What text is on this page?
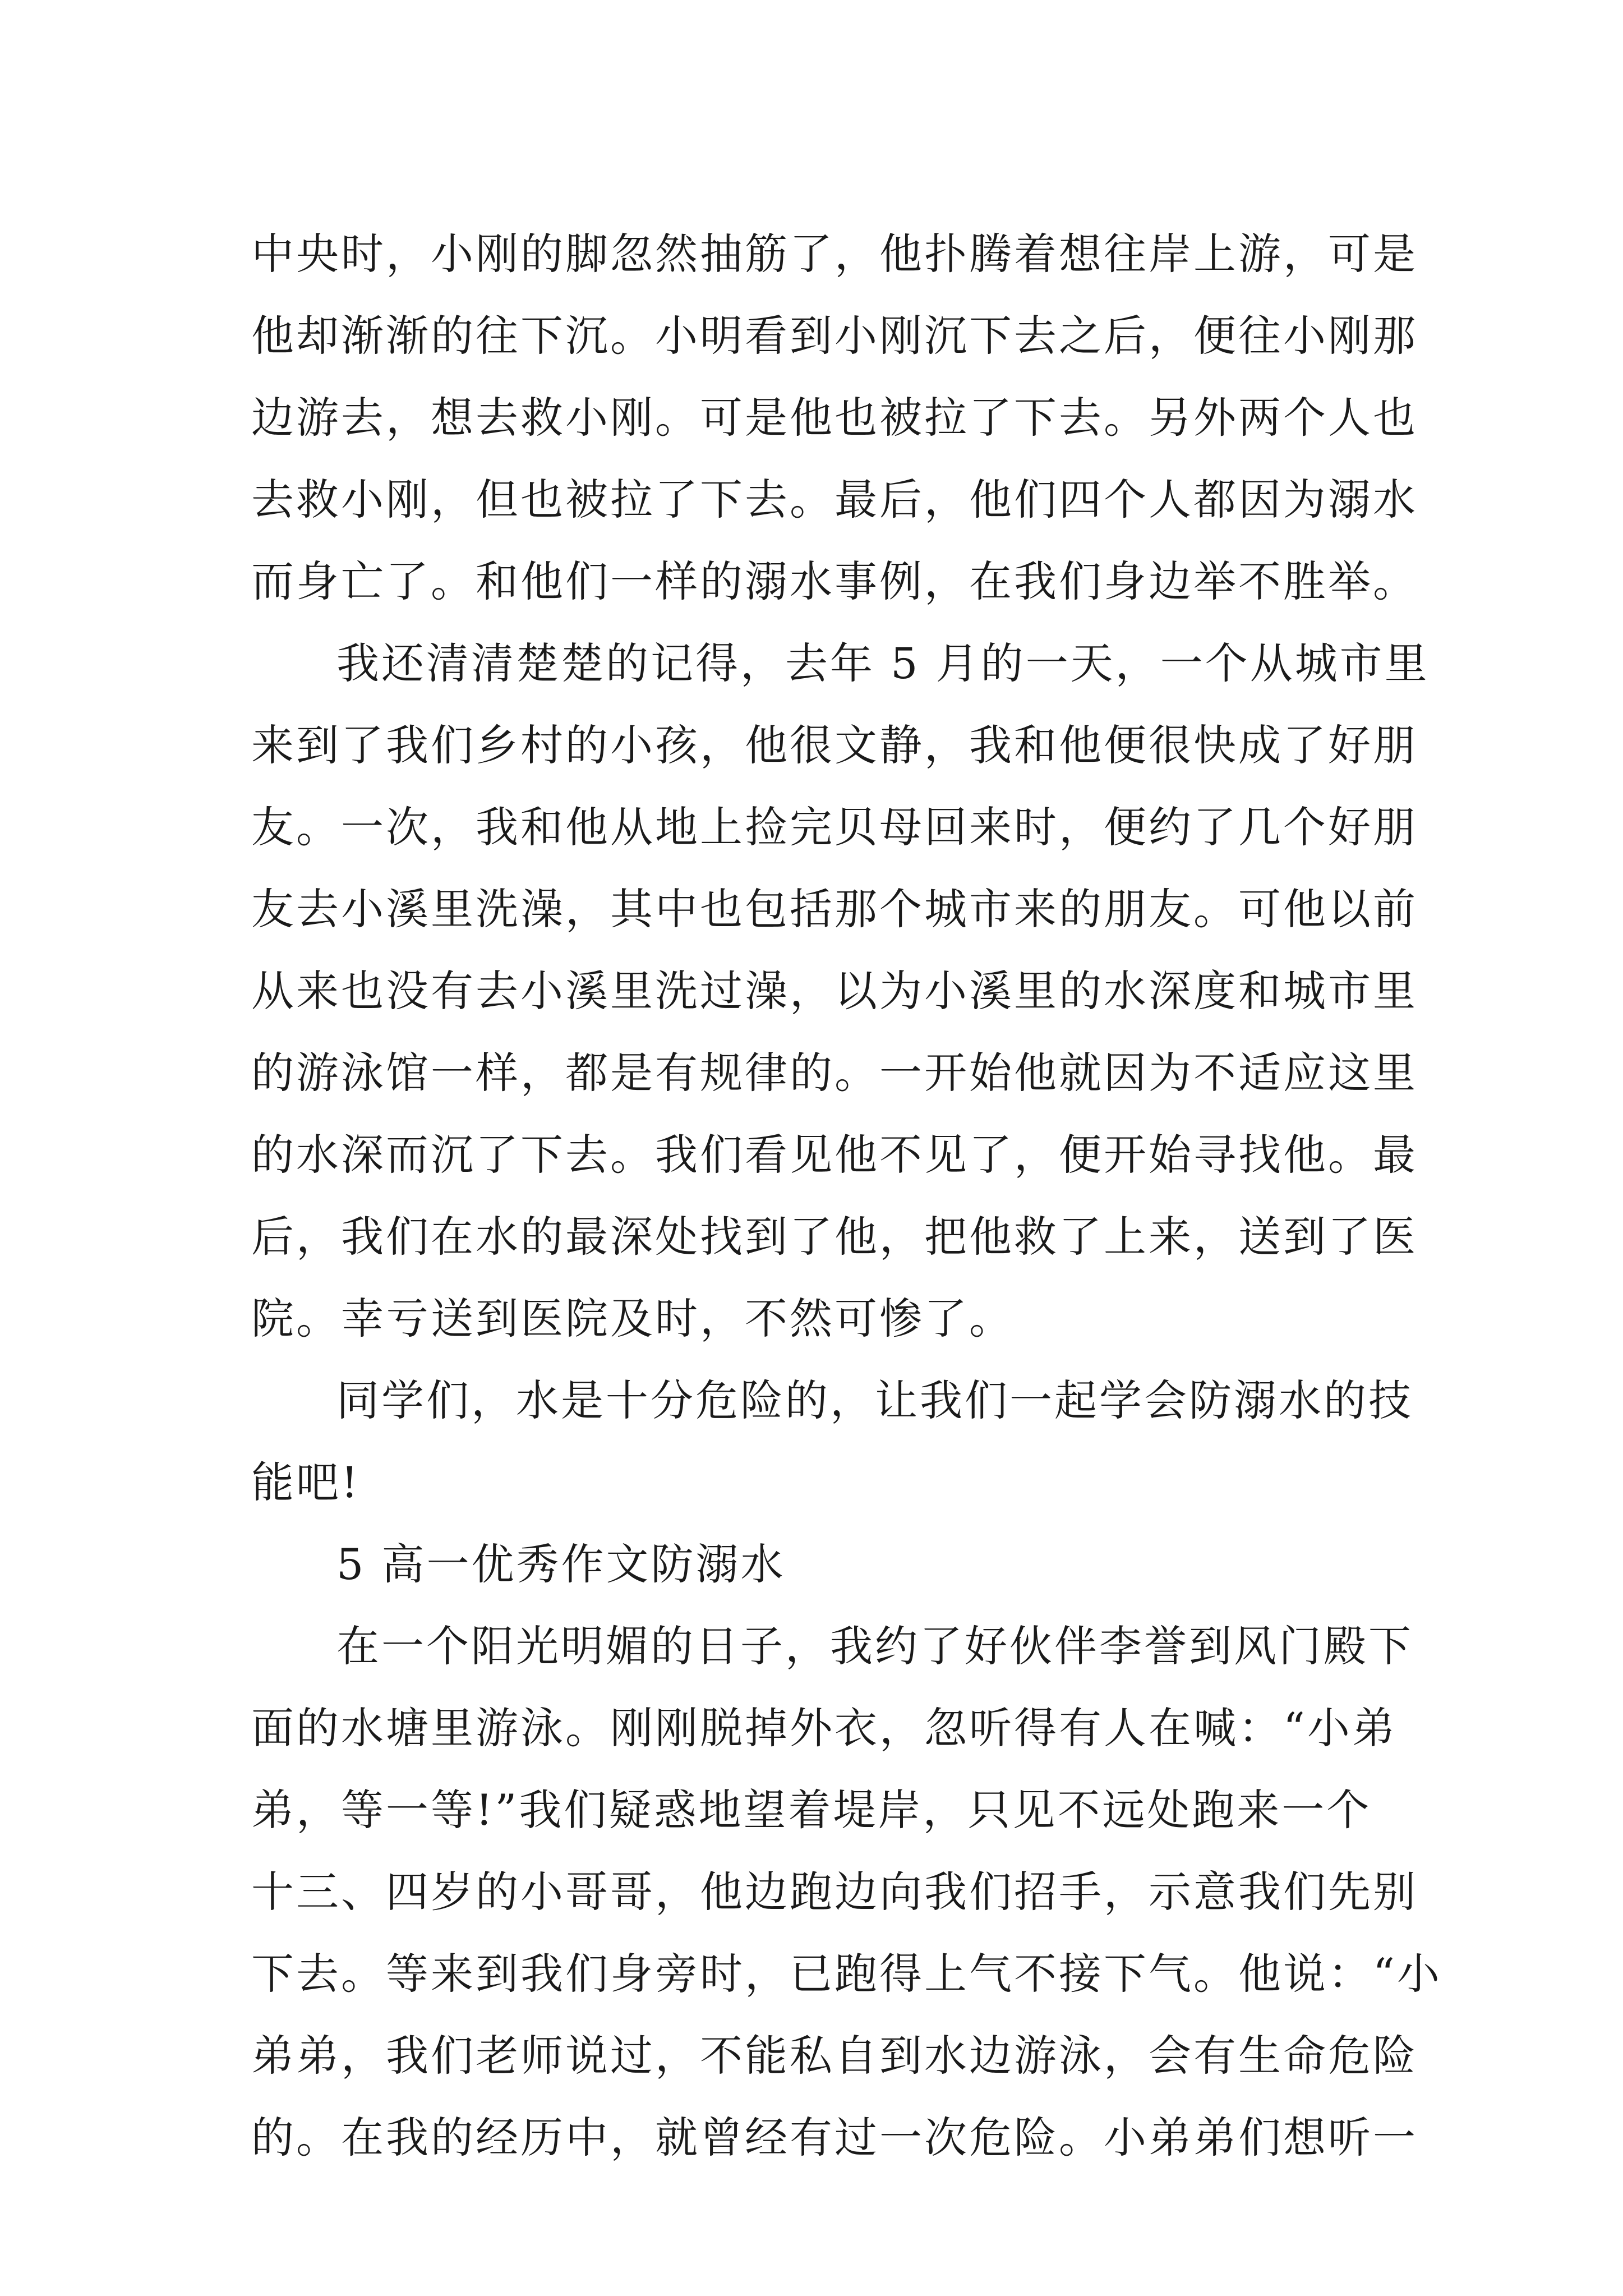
中央时，小刚的脚忽然抽筋了，他扑腾着想往岸上游，可是
他却渐渐的往下沉。小明看到小刚沉下去之后，便往小刚那
边游去，想去救小刚。可是他也被拉了下去。另外两个人也
去救小刚，但也被拉了下去。最后，他们四个人都因为溺水
而身亡了。和他们一样的溺水事例，在我们身边举不胜举。
我还清清楚楚的记得，去年 5 月的一天，一个从城市里
来到了我们乡村的小孩，他很文静，我和他便很快成了好朋
友。一次，我和他从地上捡完贝母回来时，便约了几个好朋
友去小溪里洗澡，其中也包括那个城市来的朋友。可他以前
从来也没有去小溪里洗过澡，以为小溪里的水深度和城市里
的游泳馆一样，都是有规律的。一开始他就因为不适应这里
的水深而沉了下去。我们看见他不见了，便开始寻找他。最
后，我们在水的最深处找到了他，把他救了上来，送到了医
院。幸亏送到医院及时，不然可惨了。
同学们，水是十分危险的，让我们一起学会防溺水的技
能吧!
5 高一优秀作文防溺水
在一个阳光明媚的日子，我约了好伙伴李誉到风门殿下
面的水塘里游泳。刚刚脱掉外衣，忽听得有人在喊：“小弟
弟，等一等!”我们疑惑地望着堤岸，只见不远处跑来一个
十三、四岁的小哥哥，他边跑边向我们招手，示意我们先别
下去。等来到我们身旁时，已跑得上气不接下气。他说：“小
弟弟，我们老师说过，不能私自到水边游泳，会有生命危险
的。在我的经历中，就曾经有过一次危险。小弟弟们想听一
